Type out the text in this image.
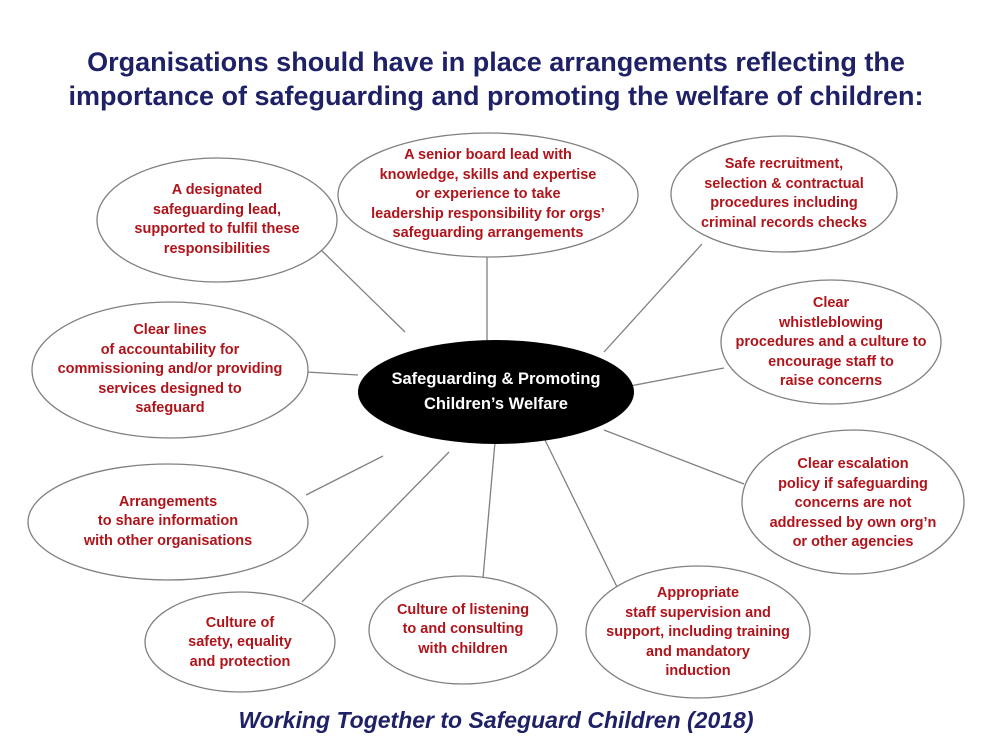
Organisations should have in place arrangements reflecting the
importance of safeguarding and promoting the welfare of children:
Safeguarding & Promoting
Children’s Welfare
A senior board lead with
knowledge, skills and expertise
or experience to take
leadership responsibility for orgs’
safeguarding arrangements
A designated
safeguarding lead,
supported to fulfil these
responsibilities
Safe recruitment,
selection & contractual
procedures including
criminal records checks
Clear lines
of accountability for
commissioning and/or providing
services designed to
safeguard
Clear
whistleblowing
procedures and a culture to
encourage staff to
raise concerns
Arrangements
to share information
with other organisations
Clear escalation
policy if safeguarding
concerns are not
addressed by own org’n
or other agencies
Culture of
safety, equality
and protection
Culture of listening
to and consulting
with children
Appropriate
staff supervision and
support, including training
and mandatory
induction
Working Together to Safeguard Children (2018)
